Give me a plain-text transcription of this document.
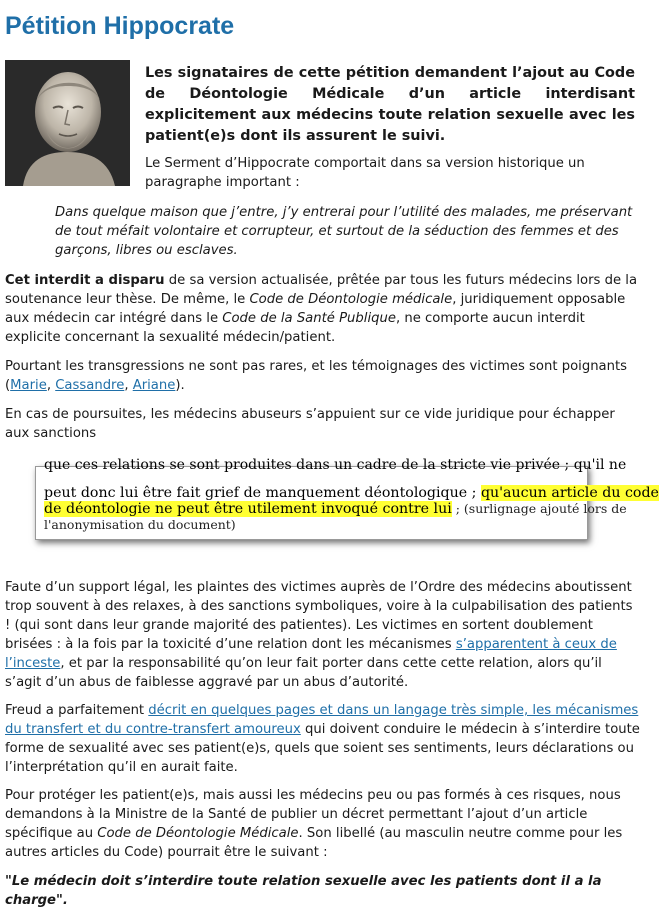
Pétition Hippocrate

Les signataires de cette pétition demandent l’ajout au Code de Déontologie Médicale d’un article interdisant explicitement aux médecins toute relation sexuelle avec les patient(e)s dont ils assurent le suivi.

Le Serment d’Hippocrate comportait dans sa version historique un paragraphe important :

Dans quelque maison que j’entre, j’y entrerai pour l’utilité des malades, me préservant de tout méfait volontaire et corrupteur, et surtout de la séduction des femmes et des garçons, libres ou esclaves.

Cet interdit a disparu de sa version actualisée, prêtée par tous les futurs médecins lors de la soutenance leur thèse. De même, le Code de Déontologie médicale, juridiquement opposable aux médecin car intégré dans le Code de la Santé Publique, ne comporte aucun interdit explicite concernant la sexualité médecin/patient.

Pourtant les transgressions ne sont pas rares, et les témoignages des victimes sont poignants (Marie, Cassandre, Ariane).

En cas de poursuites, les médecins abuseurs s’appuient sur ce vide juridique pour échapper aux sanctions

que ces relations se sont produites dans un cadre de la stricte vie privée ; qu'il ne
peut donc lui être fait grief de manquement déontologique ; qu'aucun article du code
de déontologie ne peut être utilement invoqué contre lui ; (surlignage ajouté lors de
l'anonymisation du document)

Faute d’un support légal, les plaintes des victimes auprès de l’Ordre des médecins aboutissent trop souvent à des relaxes, à des sanctions symboliques, voire à la culpabilisation des patients ! (qui sont dans leur grande majorité des patientes). Les victimes en sortent doublement brisées : à la fois par la toxicité d’une relation dont les mécanismes s’apparentent à ceux de l’inceste, et par la responsabilité qu’on leur fait porter dans cette cette relation, alors qu’il s’agit d’un abus de faiblesse aggravé par un abus d’autorité.

Freud a parfaitement décrit en quelques pages et dans un langage très simple, les mécanismes du transfert et du contre-transfert amoureux qui doivent conduire le médecin à s’interdire toute forme de sexualité avec ses patient(e)s, quels que soient ses sentiments, leurs déclarations ou l’interprétation qu’il en aurait faite.

Pour protéger les patient(e)s, mais aussi les médecins peu ou pas formés à ces risques, nous demandons à la Ministre de la Santé de publier un décret permettant l’ajout d’un article spécifique au Code de Déontologie Médicale. Son libellé (au masculin neutre comme pour les autres articles du Code) pourrait être le suivant :

"Le médecin doit s’interdire toute relation sexuelle avec les patients dont il a la charge".
